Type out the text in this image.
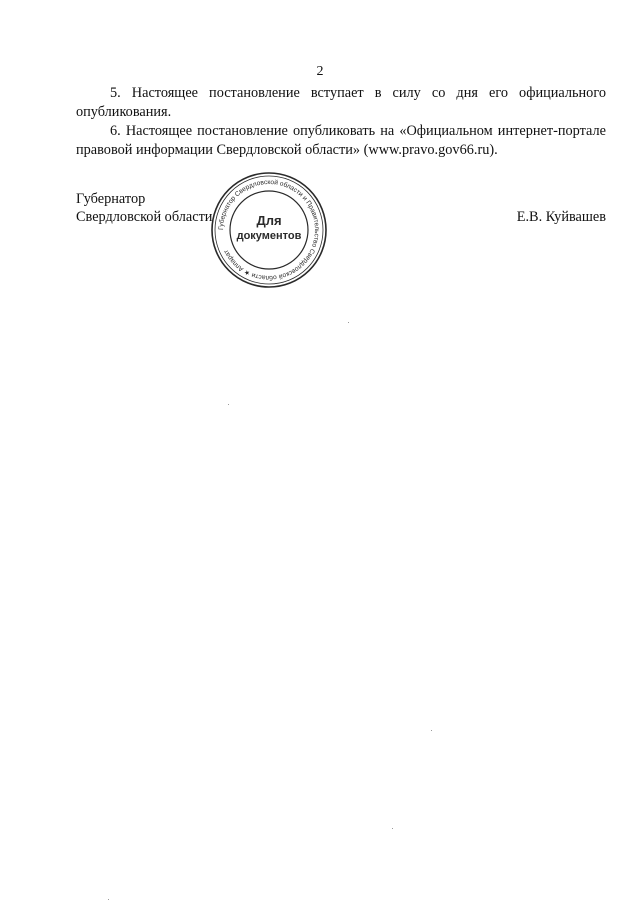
2

5. Настоящее постановление вступает в силу со дня его официального опубликования.

6. Настоящее постановление опубликовать на «Официальном интернет-портале правовой информации Свердловской области» (www.pravo.gov66.ru).

Губернатор
Свердловской области	Е.В. Куйвашев
Губернатор Свердловской области и Правительство Свердловской области ★ Аппарат
Для
документов
